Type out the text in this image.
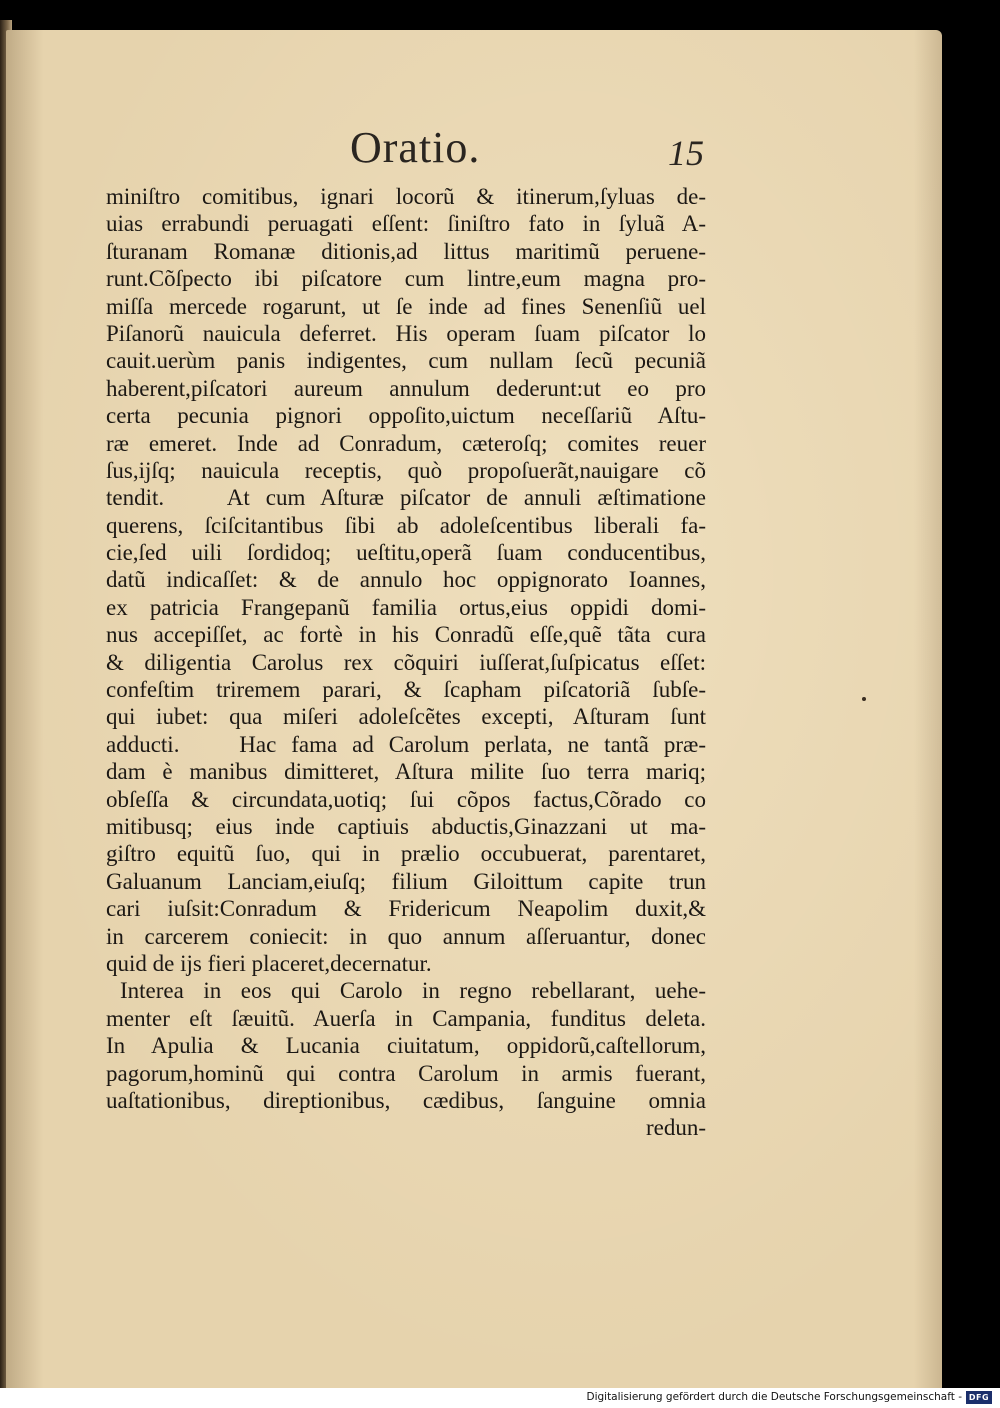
Oratio.	15
miniſtro comitibus, ignari locorũ & itinerum,ſyluas de-
uias errabundi peruagati eſſent: ſiniſtro fato in ſyluã A-
ſturanam Romanæ ditionis,ad littus maritimũ peruene-
runt.Cõſpecto ibi piſcatore cum lintre,eum magna pro-
miſſa mercede rogarunt, ut ſe inde ad fines Senenſiũ uel
Piſanorũ nauicula deferret. His operam ſuam piſcator lo
cauit.uerùm panis indigentes, cum nullam ſecũ pecuniã
haberent,piſcatori aureum annulum dederunt:ut eo pro
certa pecunia pignori oppoſito,uictum neceſſariũ Aſtu-
ræ emeret. Inde ad Conradum, cæteroſq; comites reuer
ſus,ijſq; nauicula receptis, quò propoſuerãt,nauigare cõ
tendit.    At cum Aſturæ piſcator de annuli æſtimatione
querens, ſciſcitantibus ſibi ab adoleſcentibus liberali fa-
cie,ſed uili ſordidoq; ueſtitu,operã ſuam conducentibus,
datũ indicaſſet: & de annulo hoc oppignorato Ioannes,
ex patricia Frangepanũ familia ortus,eius oppidi domi-
nus accepiſſet, ac fortè in his Conradũ eſſe,quẽ tãta cura
& diligentia Carolus rex cõquiri iuſſerat,ſuſpicatus eſſet:
confeſtim triremem parari, & ſcapham piſcatoriã ſubſe-
qui iubet: qua miſeri adoleſcẽtes excepti, Aſturam ſunt
adducti.    Hac fama ad Carolum perlata, ne tantã præ-
dam è manibus dimitteret, Aſtura milite ſuo terra mariq;
obſeſſa & circundata,uotiq; ſui cõpos factus,Cõrado co
mitibusq; eius inde captiuis abductis,Ginazzani ut ma-
giſtro equitũ ſuo, qui in prælio occubuerat, parentaret,
Galuanum Lanciam,eiuſq; filium Giloittum capite trun
cari iuſsit:Conradum & Fridericum Neapolim duxit,&
in carcerem coniecit: in quo annum aſſeruantur, donec
quid de ijs fieri placeret,decernatur.
Interea in eos qui Carolo in regno rebellarant, uehe-
menter eſt ſæuitũ. Auerſa in Campania, funditus deleta.
In Apulia & Lucania ciuitatum, oppidorũ,caſtellorum,
pagorum,hominũ qui contra Carolum in armis fuerant,
uaſtationibus, direptionibus, cædibus, ſanguine omnia
redun-
Digitalisierung gefördert durch die Deutsche Forschungsgemeinschaft - DFG
